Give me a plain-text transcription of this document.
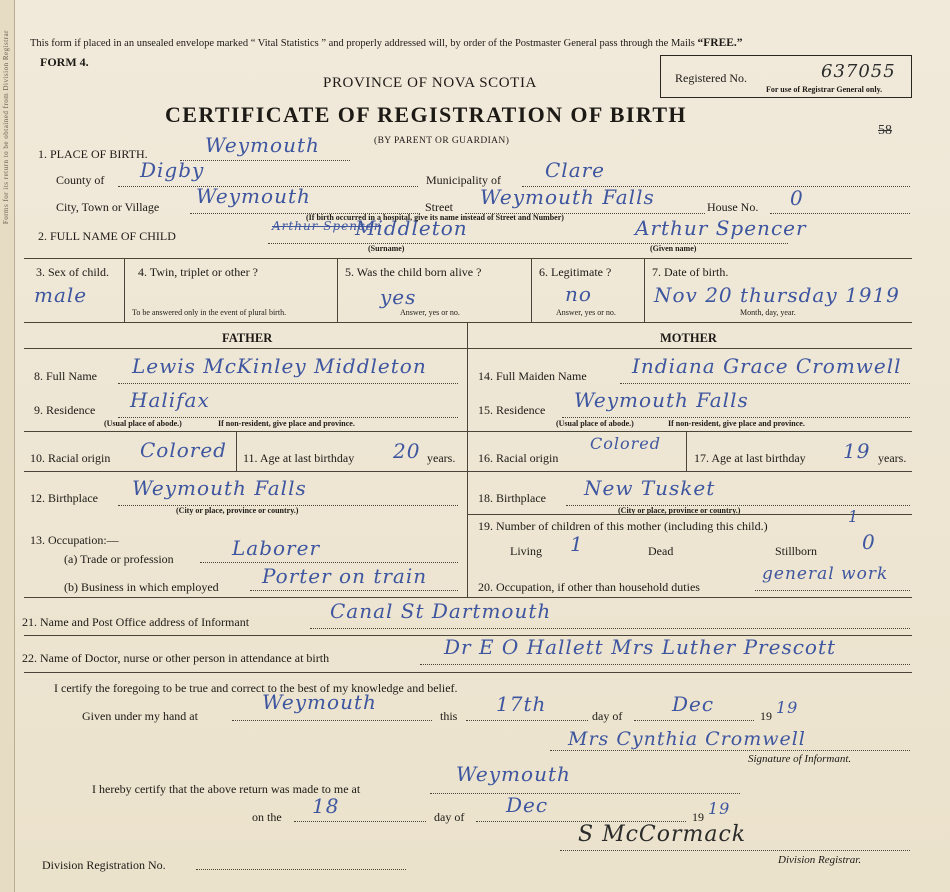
Forms for its return to be obtained from Division Registrar This form if placed in an unsealed envelope marked “ Vital Statistics ” and properly addressed will, by order of the Postmaster General pass through the Mails “FREE.”
FORM 4.
PROVINCE OF NOVA SCOTIA
CERTIFICATE OF REGISTRATION OF BIRTH
(BY PARENT OR GUARDIAN)
Registered No.	637055
For use of Registrar General only.
58
1. PLACE OF BIRTH.	Weymouth
County of Digby	Municipality of Clare
City, Town or Village Weymouth	Street Weymouth Falls	House No. 0
(If birth occurred in a hospital, give its name instead of Street and Number)
2. FULL NAME OF CHILD
Arthur Spencer
Middleton	Arthur Spencer
(Surname)	(Given name)
3. Sex of child.
male
4. Twin, triplet or other ?
To be answered only in the event of plural birth.
5. Was the child born alive ?
yes
Answer, yes or no.
6. Legitimate ?
no
Answer, yes or no.
7. Date of birth.
Nov 20 thursday 1919
Month, day, year.
FATHER	MOTHER
8. Full Name Lewis McKinley Middleton
9. Residence Halifax
(Usual place of abode.)	If non-resident, give place and province.
10. Racial origin Colored 11. Age at last birthday 20 years.
12. Birthplace Weymouth Falls
(City or place, province or country.)
13. Occupation:—
(a) Trade or profession	Laborer
(b) Business in which employed Porter on train
14. Full Maiden Name Indiana Grace Cromwell
15. Residence Weymouth Falls
(Usual place of abode.)	If non-resident, give place and province.
16. Racial origin
Colored
17. Age at last birthday 19 years.
18. Birthplace New Tusket
(City or place, province or country.)
19. Number of children of this mother (including this child.)	1
Living 1	Dead	Stillborn 0
20. Occupation, if other than household duties
general work
21. Name and Post Office address of Informant	Canal St Dartmouth
22. Name of Doctor, nurse or other person in attendance at birth	Dr E O Hallett Mrs Luther Prescott
I certify the foregoing to be true and correct to the best of my knowledge and belief.
Given under my hand at
Weymouth
this 17th	day of Dec	19 19
Mrs Cynthia Cromwell
Signature of Informant.
I hereby certify that the above return was made to me at
Weymouth
on the 18	day of Dec	19 19
Division Registration No.
S McCormack
Division Registrar.
